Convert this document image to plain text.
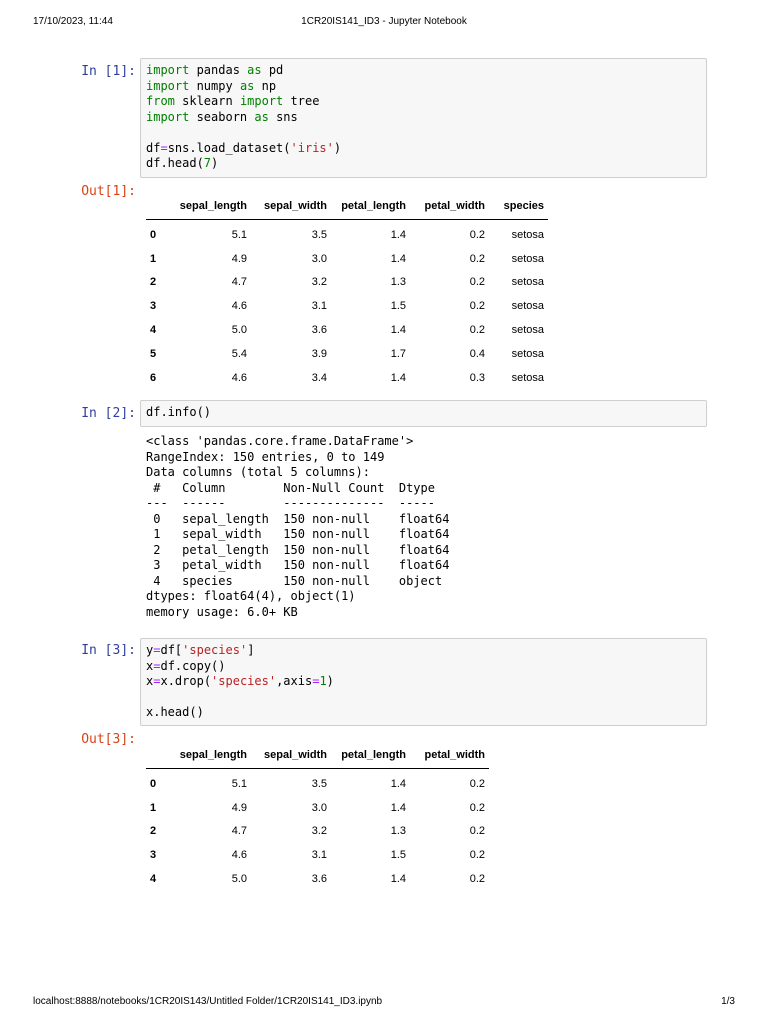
17/10/2023, 11:44	1CR20IS141_ID3 - Jupyter Notebook
In [1]: import pandas as pd
import numpy as np
from sklearn import tree
import seaborn as sns

df=sns.load_dataset('iris')
df.head(7)
Out[1]:
	sepal_length	sepal_width	petal_length	petal_width	species
0	5.1	3.5	1.4	0.2	setosa
1	4.9	3.0	1.4	0.2	setosa
2	4.7	3.2	1.3	0.2	setosa
3	4.6	3.1	1.5	0.2	setosa
4	5.0	3.6	1.4	0.2	setosa
5	5.4	3.9	1.7	0.4	setosa
6	4.6	3.4	1.4	0.3	setosa
In [2]: df.info()
<class 'pandas.core.frame.DataFrame'>
RangeIndex: 150 entries, 0 to 149
Data columns (total 5 columns):
#   Column        Non-Null Count  Dtype
---  ------        --------------  -----
0   sepal_length  150 non-null    float64
1   sepal_width   150 non-null    float64
2   petal_length  150 non-null    float64
3   petal_width   150 non-null    float64
4   species       150 non-null    object
dtypes: float64(4), object(1)
memory usage: 6.0+ KB
In [3]: y=df['species']
x=df.copy()
x=x.drop('species',axis=1)

x.head()
Out[3]:
	sepal_length	sepal_width	petal_length	petal_width
0	5.1	3.5	1.4	0.2
1	4.9	3.0	1.4	0.2
2	4.7	3.2	1.3	0.2
3	4.6	3.1	1.5	0.2
4	5.0	3.6	1.4	0.2
localhost:8888/notebooks/1CR20IS143/Untitled Folder/1CR20IS141_ID3.ipynb	1/3
